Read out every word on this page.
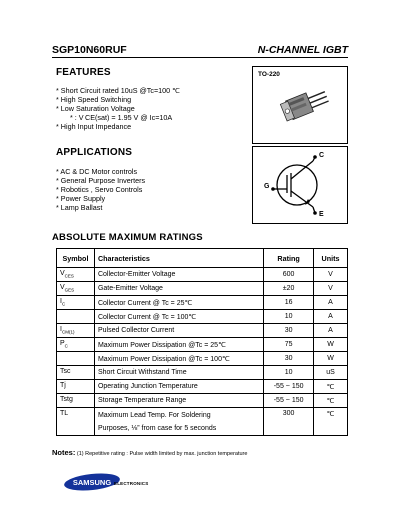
SGP10N60RUF	N-CHANNEL IGBT
FEATURES
* Short Circuit rated 10uS @Tc=100 ℃
* High Speed Switching
* Low Saturation Voltage
* : V CE(sat) = 1.95 V @ Ic=10A
* High Input Impedance
APPLICATIONS
* AC & DC Motor controls
* General Purpose Inverters
* Robotics , Servo Controls
* Power Supply
* Lamp Ballast
TO-220
C
G
E
ABSOLUTE MAXIMUM RATINGS
Symbol	Characteristics	Rating	Units
$V_{CES}$	Collector-Emitter Voltage	600	V
$V_{GES}$	Gate-Emitter Voltage	±20	V
$I_C$	Collector Current @ Tc = 25℃	16	A
	Collector Current @ Tc = 100℃	10	A
$I_{CM(1)}$	Pulsed Collector Current	30	A
$P_C$	Maximum Power Dissipation @Tc = 25℃	75	W
	Maximum Power Dissipation @Tc = 100℃	30	W
Tsc	Short Circuit Withstand Time	10	uS
Tj	Operating Junction Temperature	-55 ~ 150	℃
Tstg	Storage Temperature Range	-55 ~ 150	℃
TL	Maximum Lead Temp. For Soldering
Purposes, ⅛” from case for 5 seconds	300	℃
Notes: (1) Repetitive rating : Pulse width limited by max. junction temperature
SAMSUNG ELECTRONICS
